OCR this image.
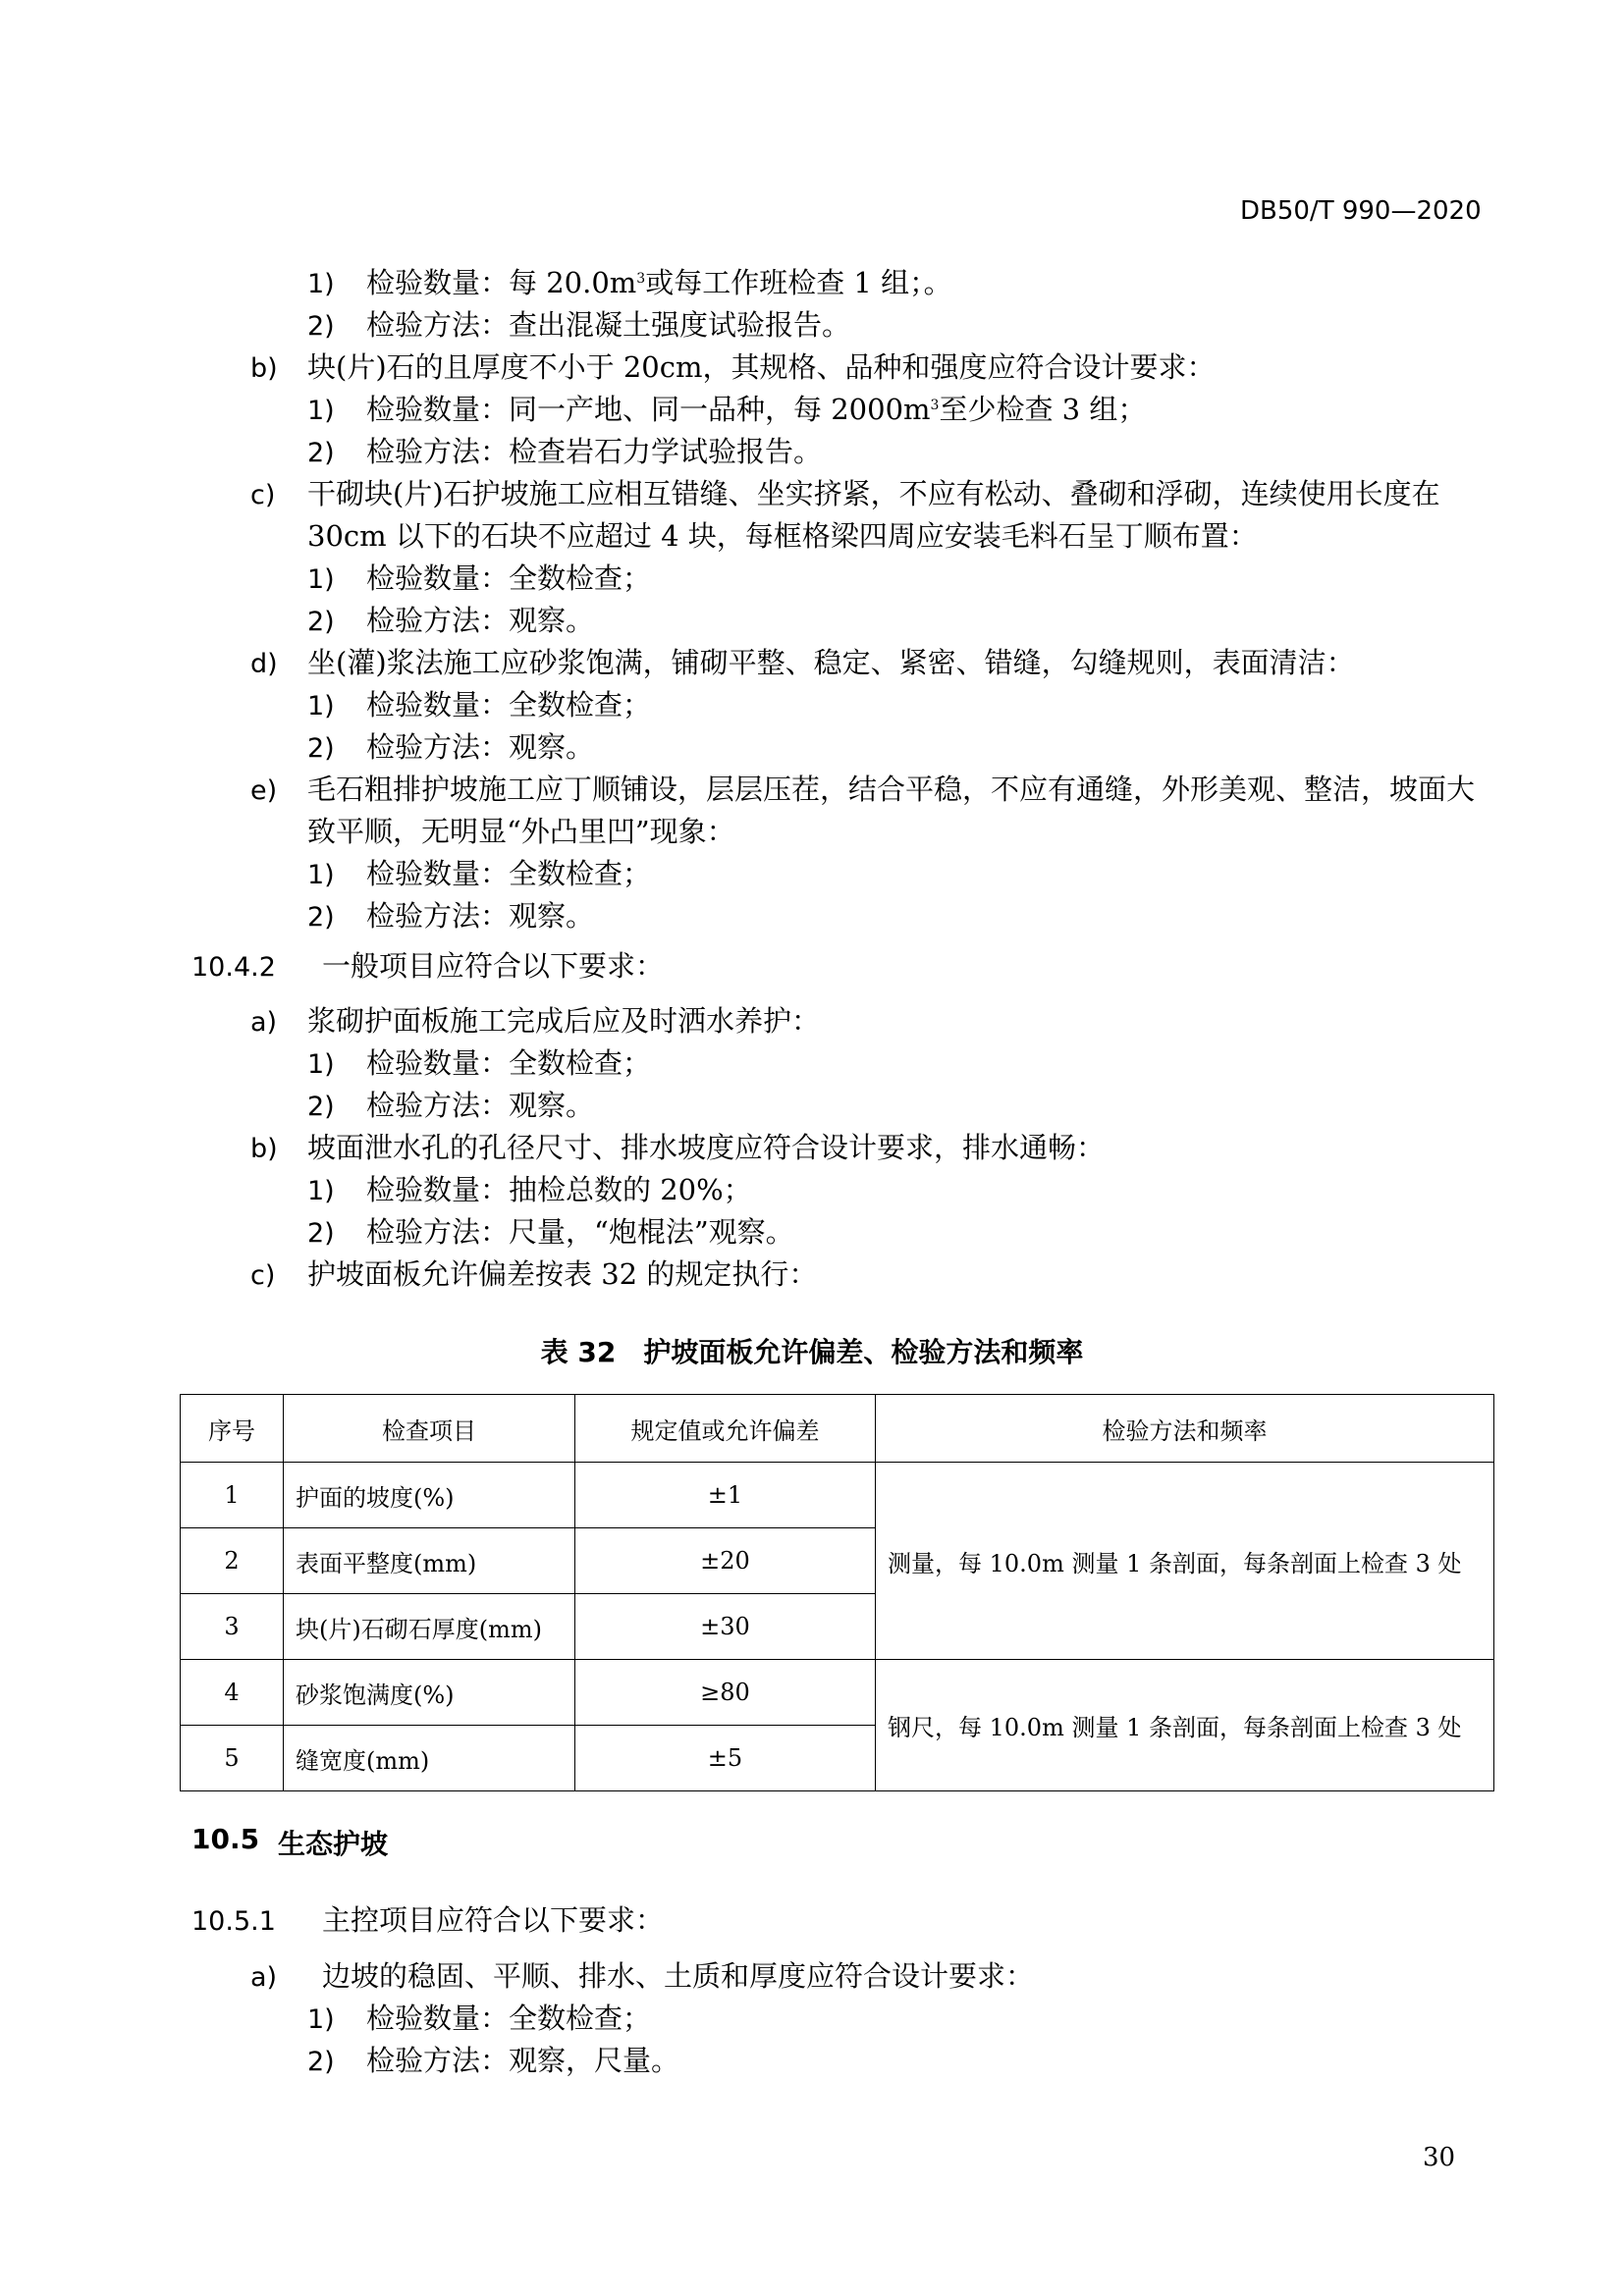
DB50/T 990—2020
1) 检验数量：每 $20.0m^3$或每工作班检查 1 组；。
2) 检验方法：查出混凝土强度试验报告。
b) 块(片)石的且厚度不小于 20cm，其规格、品种和强度应符合设计要求：
1) 检验数量：同一产地、同一品种，每 $2000m^3$至少检查 3 组；
2) 检验方法：检查岩石力学试验报告。
c) 干砌块(片)石护坡施工应相互错缝、坐实挤紧，不应有松动、叠砌和浮砌，连续使用长度在
30cm 以下的石块不应超过 4 块，每框格梁四周应安装毛料石呈丁顺布置：
1) 检验数量：全数检查；
2) 检验方法：观察。
d) 坐(灌)浆法施工应砂浆饱满，铺砌平整、稳定、紧密、错缝，勾缝规则，表面清洁：
1) 检验数量：全数检查；
2) 检验方法：观察。
e) 毛石粗排护坡施工应丁顺铺设，层层压茬，结合平稳，不应有通缝，外形美观、整洁，坡面大
致平顺，无明显“外凸里凹”现象：
1) 检验数量：全数检查；
2) 检验方法：观察。
10.4.2 一般项目应符合以下要求：
a) 浆砌护面板施工完成后应及时洒水养护：
1) 检验数量：全数检查；
2) 检验方法：观察。
b) 坡面泄水孔的孔径尺寸、排水坡度应符合设计要求，排水通畅：
1) 检验数量：抽检总数的 20%；
2) 检验方法：尺量，“炮棍法”观察。
c) 护坡面板允许偏差按表 32 的规定执行：
表 32　护坡面板允许偏差、检验方法和频率
序号	检查项目	规定值或允许偏差	检验方法和频率
1	护面的坡度(%)	±1	测量，每 10.0m 测量 1 条剖面，每条剖面上检查 3 处
2	表面平整度(mm)	±20	
3	块(片)石砌石厚度(mm)	±30	
4	砂浆饱满度(%)	≥80	钢尺，每 10.0m 测量 1 条剖面，每条剖面上检查 3 处
5	缝宽度(mm)	±5	
10.5 生态护坡
10.5.1 主控项目应符合以下要求：
a) 边坡的稳固、平顺、排水、土质和厚度应符合设计要求：
1) 检验数量：全数检查；
2) 检验方法：观察，尺量。
30
